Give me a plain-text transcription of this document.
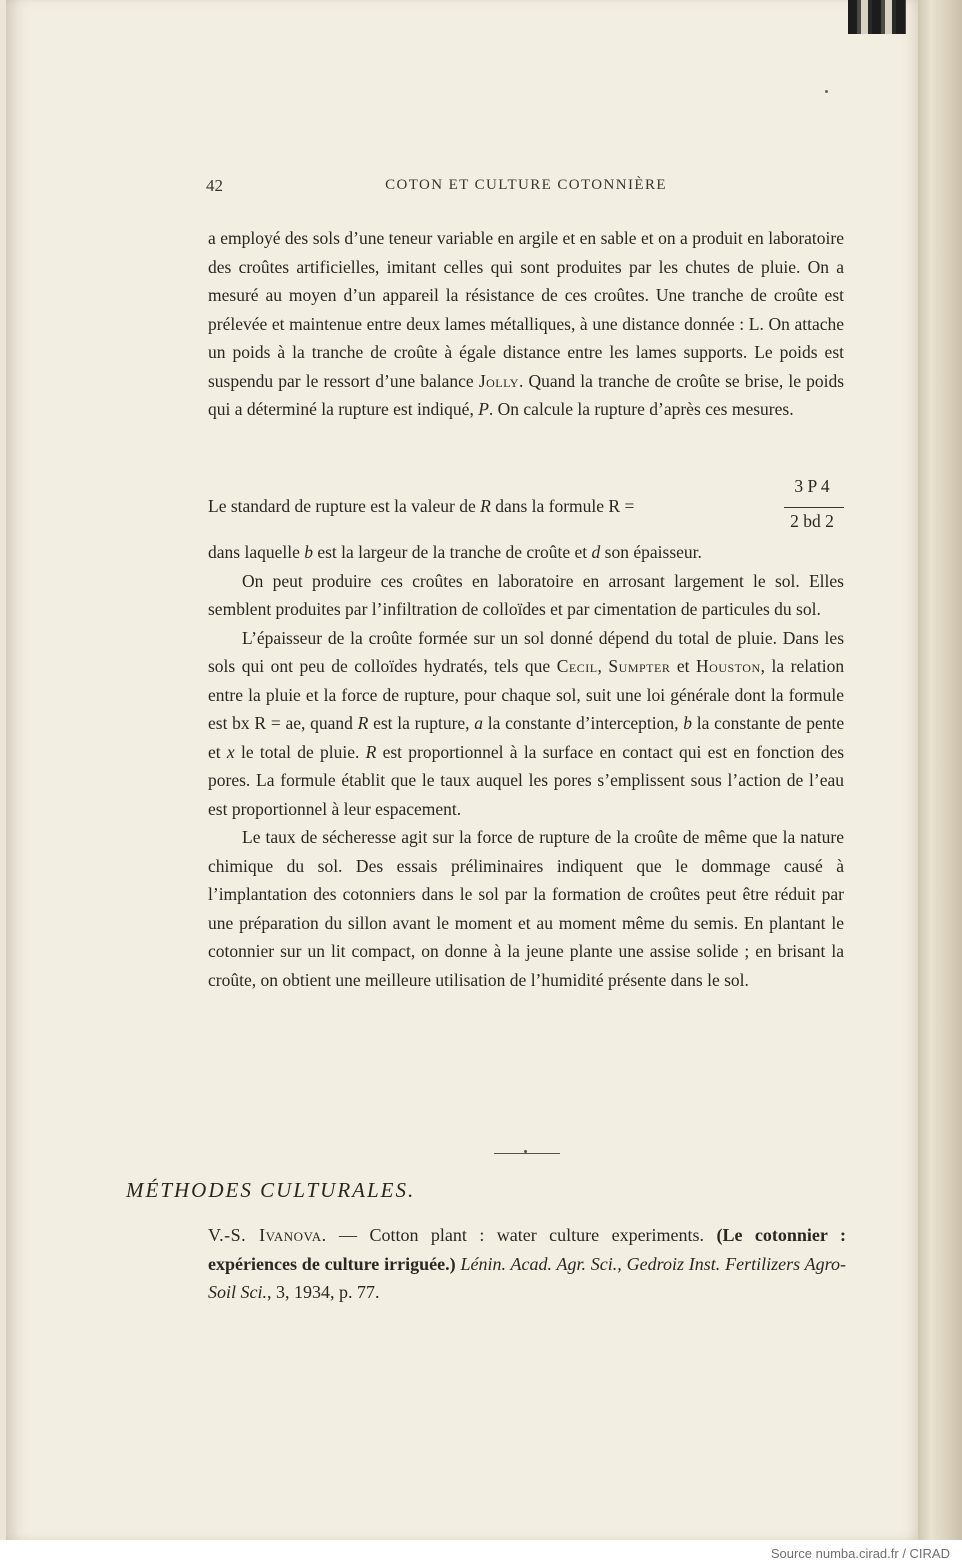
42	COTON ET CULTURE COTONNIÈRE

a employé des sols d’une teneur variable en argile et en sable et on a produit en laboratoire des croûtes artificielles, imitant celles qui sont produites par les chutes de pluie. On a mesuré au moyen d’un appareil la résistance de ces croûtes. Une tranche de croûte est prélevée et maintenue entre deux lames métalliques, à une distance donnée : L. On attache un poids à la tranche de croûte à égale distance entre les lames supports. Le poids est suspendu par le ressort d’une balance Jolly. Quand la tranche de croûte se brise, le poids qui a déterminé la rupture est indiqué, P. On calcule la rupture d’après ces mesures.

Le standard de rupture est la valeur de R dans la formule R =
3 P 4
2 bd 2

dans laquelle b est la largeur de la tranche de croûte et d son épaisseur.

On peut produire ces croûtes en laboratoire en arrosant largement le sol. Elles semblent produites par l’infiltration de colloïdes et par cimentation de particules du sol.

L’épaisseur de la croûte formée sur un sol donné dépend du total de pluie. Dans les sols qui ont peu de colloïdes hydratés, tels que Cecil, Sumpter et Houston, la relation entre la pluie et la force de rupture, pour chaque sol, suit une loi générale dont la formule est bx R = ae, quand R est la rupture, a la constante d’interception, b la constante de pente et x le total de pluie. R est proportionnel à la surface en contact qui est en fonction des pores. La formule établit que le taux auquel les pores s’emplissent sous l’action de l’eau est proportionnel à leur espacement.

Le taux de sécheresse agit sur la force de rupture de la croûte de même que la nature chimique du sol. Des essais préliminaires indiquent que le dommage causé à l’implantation des cotonniers dans le sol par la formation de croûtes peut être réduit par une préparation du sillon avant le moment et au moment même du semis. En plantant le cotonnier sur un lit compact, on donne à la jeune plante une assise solide ; en brisant la croûte, on obtient une meilleure utilisation de l’humidité présente dans le sol.

MÉTHODES CULTURALES.
V.-S. Ivanova. — Cotton plant : water culture experiments. (Le cotonnier : expériences de culture irriguée.) Lénin. Acad. Agr. Sci., Gedroiz Inst. Fertilizers Agro-Soil Sci., 3, 1934, p. 77.
Source numba.cirad.fr / CIRAD
